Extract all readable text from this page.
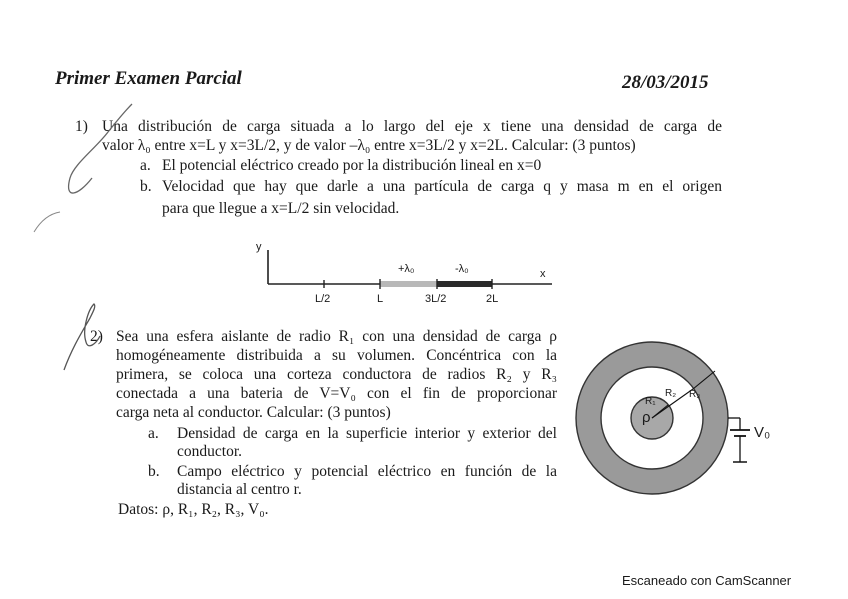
Primer Examen Parcial	28/03/2015
1) Una distribución de carga situada a lo largo del eje x tiene una densidad de carga de
valor λ₀ entre x=L y x=3L/2, y de valor –λ₀ entre x=3L/2 y x=2L. Calcular: (3 puntos)
a. El potencial eléctrico creado por la distribución lineal en x=0
b. Velocidad que hay que darle a una partícula de carga q y masa m en el origen
para que llegue a x=L/2 sin velocidad.
y
x
+λ₀	-λ₀
L/2	L	3L/2	2L
2) Sea una esfera aislante de radio R₁ con una densidad de carga ρ
homogéneamente distribuida a su volumen. Concéntrica con la
primera, se coloca una corteza conductora de radios R₂ y R₃
conectada a una bateria de V=V₀ con el fin de proporcionar
carga neta al conductor. Calcular: (3 puntos)
a. Densidad de carga en la superficie interior y exterior del
conductor.
b. Campo eléctrico y potencial eléctrico en función de la
distancia al centro r.
Datos: ρ, R₁, R₂, R₃, V₀.
ρ
R₁
R₂ R₃
V₀
Escaneado con CamScanner
